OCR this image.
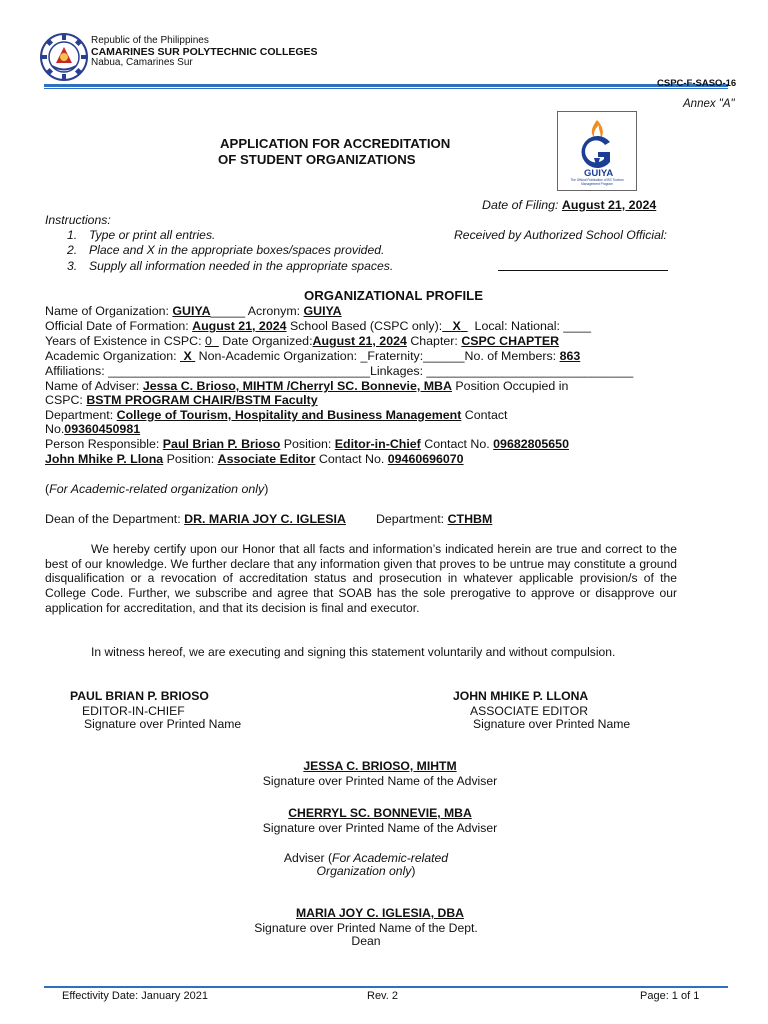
Republic of the Philippines
CAMARINES SUR POLYTECHNIC COLLEGES
Nabua, Camarines Sur
CSPC-F-SASO-16
Annex "A"
APPLICATION FOR ACCREDITATION
OF STUDENT ORGANIZATIONS
GUIYA
The Official Publication of BS Tourism Management Program
Date of Filing: August 21, 2024
Instructions:
1. Type or print all entries.
2. Place and X in the appropriate boxes/spaces provided.
3. Supply all information needed in the appropriate spaces.
Received by Authorized School Official:
ORGANIZATIONAL PROFILE
Name of Organization: GUIYA_____ Acronym: GUIYA
Official Date of Formation: August 21, 2024 School Based (CSPC only): X Local: National: ____
Years of Existence in CSPC: 0 Date Organized:August 21, 2024 Chapter: CSPC CHAPTER
Academic Organization: X Non-Academic Organization: _Fraternity:______No. of Members: 863
Affiliations: ______________________________________Linkages: ______________________________
Name of Adviser: Jessa C. Brioso, MIHTM /Cherryl SC. Bonnevie, MBA Position Occupied in
CSPC: BSTM PROGRAM CHAIR/BSTM Faculty
Department: College of Tourism, Hospitality and Business Management Contact
No.09360450981
Person Responsible: Paul Brian P. Brioso Position: Editor-in-Chief Contact No. 09682805650
John Mhike P. Llona Position: Associate Editor Contact No. 09460696070
(For Academic-related organization only)
Dean of the Department: DR. MARIA JOY C. IGLESIA Department: CTHBM

We hereby certify upon our Honor that all facts and information’s indicated herein are true and correct to the best of our knowledge. We further declare that any information given that proves to be untrue may constitute a ground disqualification or a revocation of accreditation status and prosecution in whatever applicable provision/s of the College Code. Further, we subscribe and agree that SOAB has the sole prerogative to approve or disapprove our application for accreditation, and that its decision is final and executor.

In witness hereof, we are executing and signing this statement voluntarily and without compulsion.

PAUL BRIAN P. BRIOSO
EDITOR-IN-CHIEF
Signature over Printed Name
JOHN MHIKE P. LLONA
ASSOCIATE EDITOR
Signature over Printed Name
JESSA C. BRIOSO, MIHTM
Signature over Printed Name of the Adviser
CHERRYL SC. BONNEVIE, MBA
Signature over Printed Name of the Adviser
Adviser (For Academic-related
Organization only)
MARIA JOY C. IGLESIA, DBA
Signature over Printed Name of the Dept.
Dean
Effectivity Date: January 2021	Rev. 2	Page: 1 of 1
